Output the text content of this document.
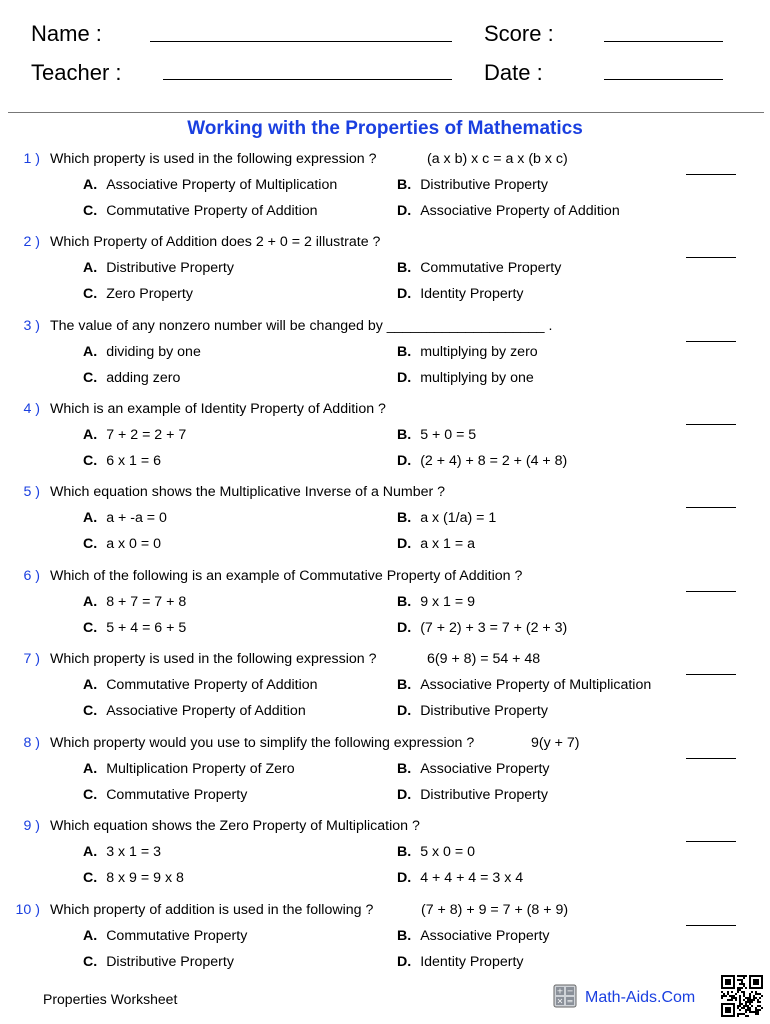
Name :	Score :
Teacher :	Date :
Working with the Properties of Mathematics
1 ) Which property is used in the following expression ?	(a x b) x c = a x (b x c)
A. Associative Property of Multiplication	B. Distributive Property
C. Commutative Property of Addition	D. Associative Property of Addition
2 ) Which Property of Addition does 2 + 0 = 2 illustrate ?
A. Distributive Property	B. Commutative Property
C. Zero Property	D. Identity Property
3 ) The value of any nonzero number will be changed by ____________________ .
A. dividing by one	B. multiplying by zero
C. adding zero	D. multiplying by one
4 ) Which is an example of Identity Property of Addition ?
A. 7 + 2 = 2 + 7	B. 5 + 0 = 5
C. 6 x 1 = 6	D. (2 + 4) + 8 = 2 + (4 + 8)
5 ) Which equation shows the Multiplicative Inverse of a Number ?
A. a + -a = 0	B. a x (1/a) = 1
C. a x 0 = 0	D. a x 1 = a
6 ) Which of the following is an example of Commutative Property of Addition ?
A. 8 + 7 = 7 + 8	B. 9 x 1 = 9
C. 5 + 4 = 6 + 5	D. (7 + 2) + 3 = 7 + (2 + 3)
7 ) Which property is used in the following expression ?	6(9 + 8) = 54 + 48
A. Commutative Property of Addition	B. Associative Property of Multiplication
C. Associative Property of Addition	D. Distributive Property
8 ) Which property would you use to simplify the following expression ?	9(y + 7)
A. Multiplication Property of Zero	B. Associative Property
C. Commutative Property	D. Distributive Property
9 ) Which equation shows the Zero Property of Multiplication ?
A. 3 x 1 = 3	B. 5 x 0 = 0
C. 8 x 9 = 9 x 8	D. 4 + 4 + 4 = 3 x 4
10 ) Which property of addition is used in the following ?	(7 + 8) + 9 = 7 + (8 + 9)
A. Commutative Property	B. Associative Property
C. Distributive Property	D. Identity Property
Properties Worksheet	+ −
× = Math-Aids.Com
